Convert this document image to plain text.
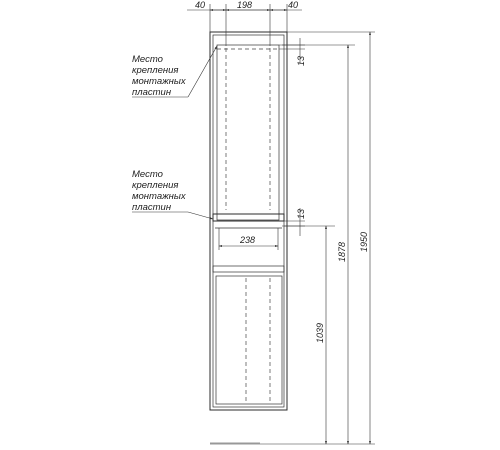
40	198	40
13
13
238
1039
1878 1950
Место
крепления
монтажных
пластин
Место
крепления
монтажных
пластин
